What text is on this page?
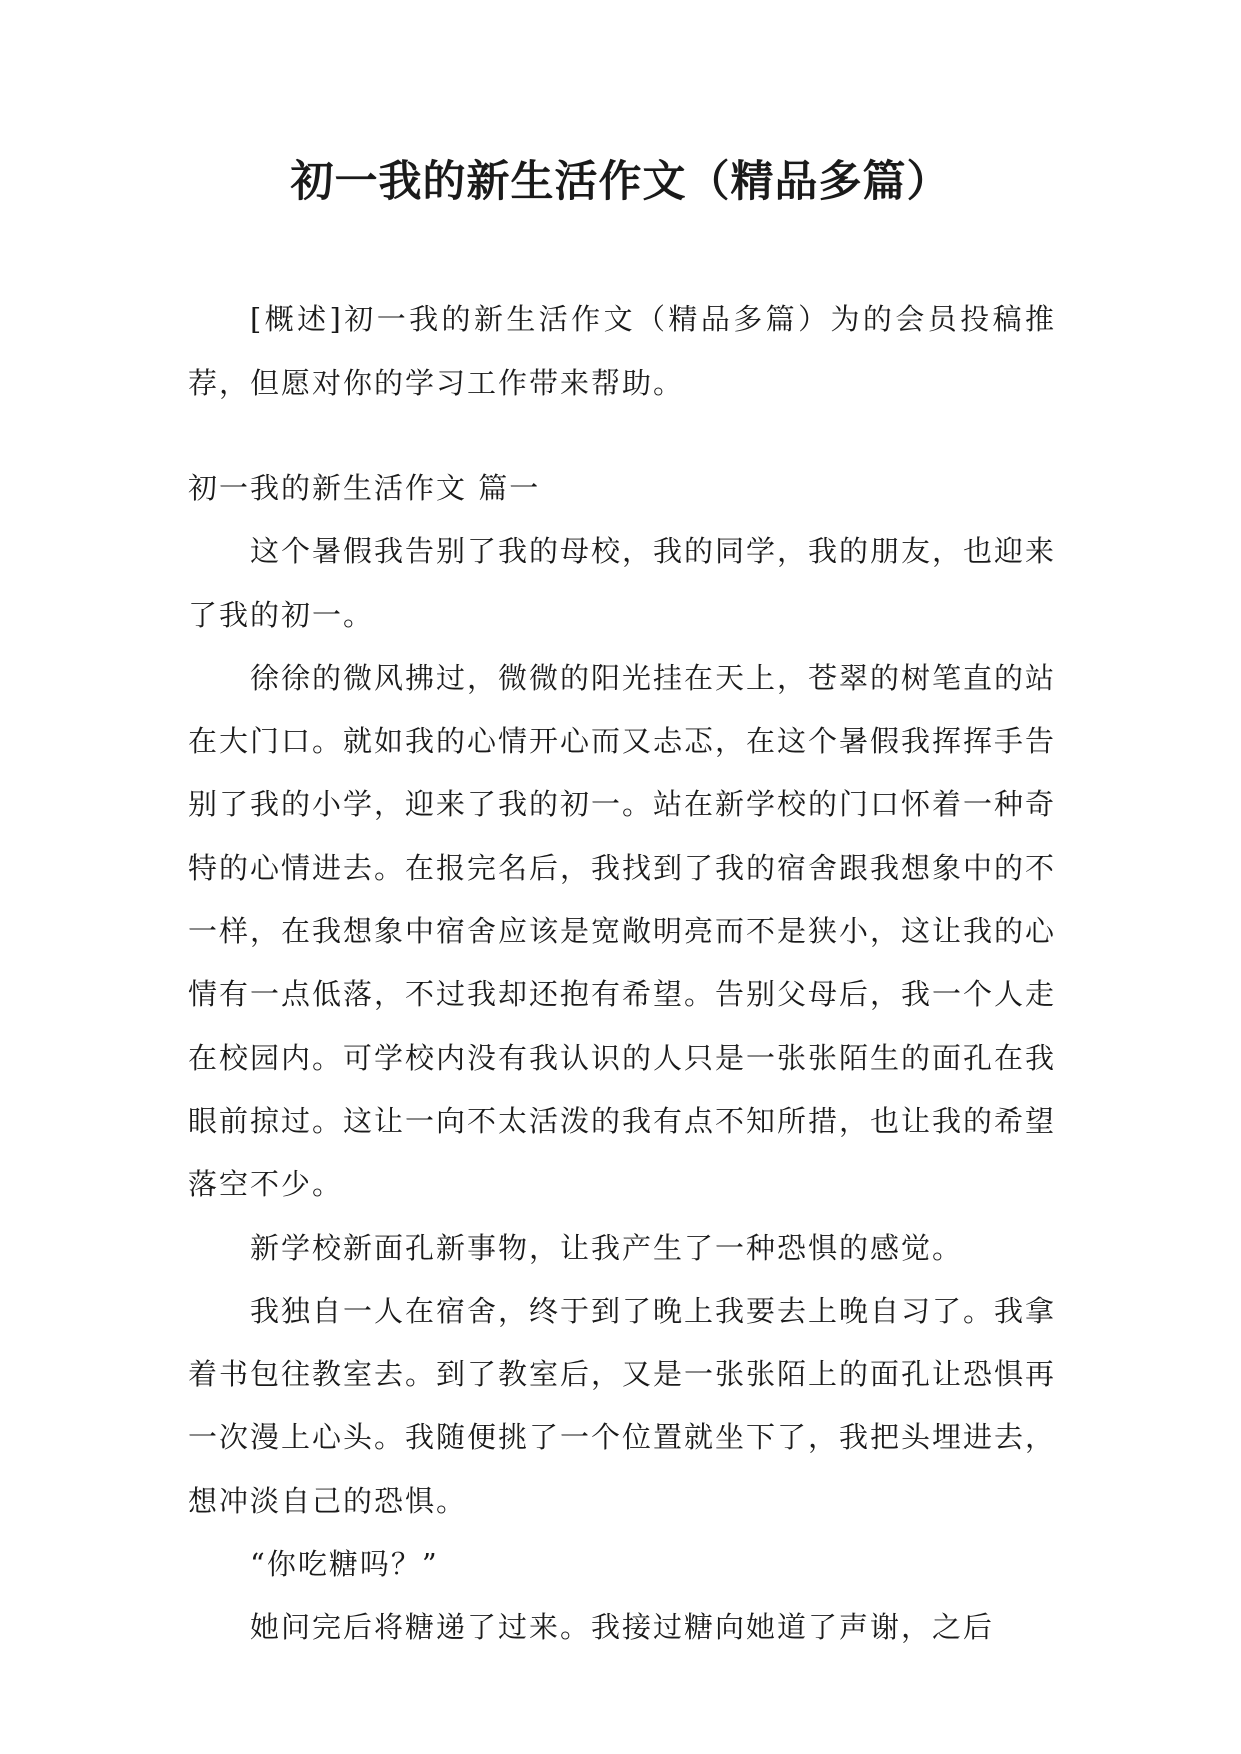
初一我的新生活作文（精品多篇）

[概述]初一我的新生活作文（精品多篇）为的会员投稿推荐，但愿对你的学习工作带来帮助。

初一我的新生活作文 篇一

这个暑假我告别了我的母校，我的同学，我的朋友，也迎来了我的初一。

徐徐的微风拂过，微微的阳光挂在天上，苍翠的树笔直的站在大门口。就如我的心情开心而又忐忑，在这个暑假我挥挥手告别了我的小学，迎来了我的初一。站在新学校的门口怀着一种奇特的心情进去。在报完名后，我找到了我的宿舍跟我想象中的不一样，在我想象中宿舍应该是宽敞明亮而不是狭小，这让我的心情有一点低落，不过我却还抱有希望。告别父母后，我一个人走在校园内。可学校内没有我认识的人只是一张张陌生的面孔在我眼前掠过。这让一向不太活泼的我有点不知所措，也让我的希望落空不少。

新学校新面孔新事物，让我产生了一种恐惧的感觉。

我独自一人在宿舍，终于到了晚上我要去上晚自习了。我拿着书包往教室去。到了教室后，又是一张张陌上的面孔让恐惧再一次漫上心头。我随便挑了一个位置就坐下了，我把头埋进去，想冲淡自己的恐惧。

“你吃糖吗？”

她问完后将糖递了过来。我接过糖向她道了声谢，之后
